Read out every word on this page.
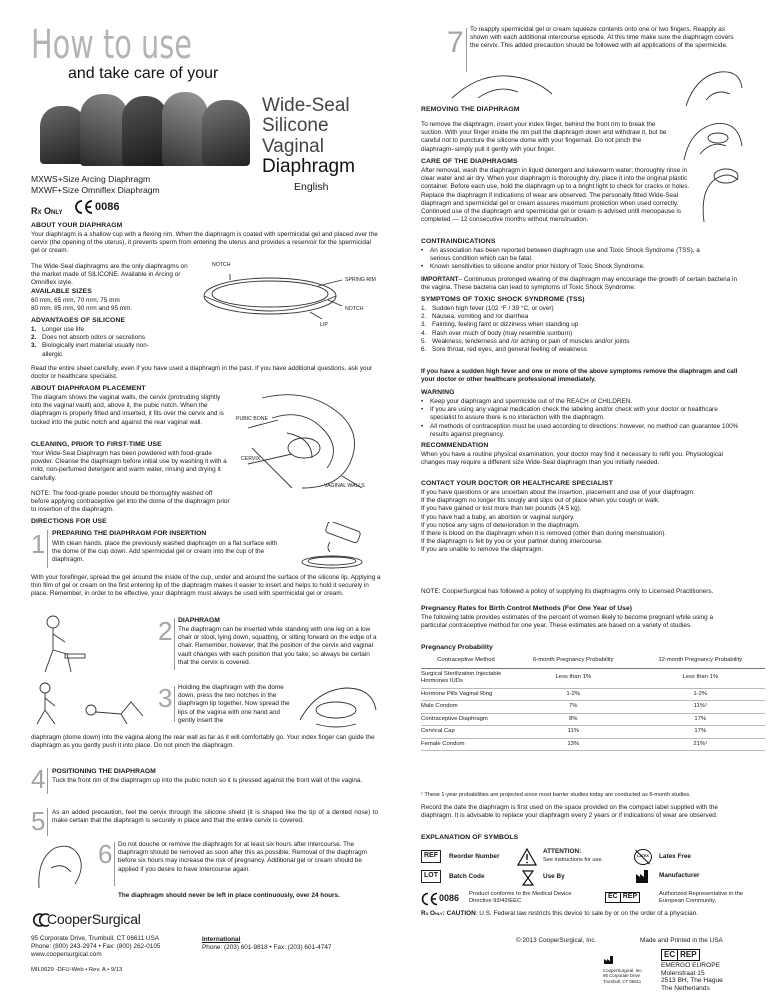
How to use
and take care of your
Wide-Seal
Silicone
Vaginal
Diaphragm
MXWS+Size Arcing Diaphragm
MXWF+Size Omniflex Diaphragm	English
Rx Only	0086
ABOUT YOUR DIAPHRAGM
Your diaphragm is a shallow cup with a flexing rim. When the diaphragm is coated with spermicidal gel and placed over the cervix (the opening of the uterus), it prevents sperm from entering the uterus and provides a reservoir for the spermicidal gel or cream.
The Wide-Seal diaphragms are the only diaphragms on the market made of SILICONE. Available in Arcing or Omniflex style.
NOTCH
SPRING RIM
NOTCH
LIP
AVAILABLE SIZES
60 mm, 65 mm, 70 mm, 75 mm
80 mm, 85 mm, 90 mm and 95 mm.
ADVANTAGES OF SILICONE
1. Longer use life
2. Does not absorb odors or secretions
3. Biologically inert material usually non-allergic
Read the entire sheet carefully, even if you have used a diaphragm in the past. If you have additional questions, ask your doctor or healthcare specialist.
ABOUT DIAPHRAGM PLACEMENT
The diagram shows the vaginal walls, the cervix (protruding slightly into the vaginal vault) and, above it, the pubic notch. When the diaphragm is properly fitted and inserted, it fits over the cervix and is tucked into the pubic notch and against the rear vaginal wall.	PUBIC BONE
CERVIX
VAGINAL WALLS
CLEANING, PRIOR TO FIRST-TIME USE
Your Wide-Seal Diaphragm has been powdered with food-grade powder. Cleanse the diaphragm before initial use by washing it with a mild, non-perfumed detergent and warm water, rinsing and drying it carefully.
NOTE: The food-grade powder should be thoroughly washed off before applying contraceptive gel into the dome of the diaphragm prior to insertion of the diaphragm.
DIRECTIONS FOR USE
1 PREPARING THE DIAPHRAGM FOR INSERTION
With clean hands, place the previously washed diaphragm on a flat surface with the dome of the cup down. Add spermicidal gel or cream into the cup of the diaphragm.
With your forefinger, spread the gel around the inside of the cup, under and around the surface of the silicone lip. Applying a thin film of gel or cream on the first entering lip of the diaphragm makes it easier to insert and helps to hold it securely in place. Remember, in order to be effective, your diaphragm must always be used with spermicidal gel or cream.
2 DIAPHRAGM
The diaphragm can be inserted while standing with one leg on a low chair or stool, lying down, squatting, or sitting forward on the edge of a chair. Remember, however, that the position of the cervix and vaginal vault changes with each position that you take, so always be certain that the cervix is covered.
3 Holding the diaphragm with the dome down, press the two notches in the diaphragm lip together. Now spread the lips of the vagina with one hand and gently insert the
diaphragm (dome down) into the vagina along the rear wall as far as it will comfortably go. Your index finger can guide the diaphragm as you gently push it into place. Do not pinch the diaphragm.
4 POSITIONING THE DIAPHRAGM
Tuck the front rim of the diaphragm up into the pubic notch so it is pressed against the front wall of the vagina.
5 As an added precaution, feel the cervix through the silicone shield (it is shaped like the tip of a dented nose) to make certain that the diaphragm is securely in place and that the entire cervix is covered.
6 Do not douche or remove the diaphragm for at least six hours after intercourse. The diaphragm should be removed as soon after this as possible. Removal of the diaphragm before six hours may increase the risk of pregnancy. Additional gel or cream should be applied if you desire to have intercourse again.
The diaphragm should never be left in place continuously, over 24 hours.
CooperSurgical
95 Corporate Drive, Trumbull, CT 06611 USA
Phone: (800) 243-2974 • Fax: (800) 262-0105
www.coopersurgical.com
MIL0629 -DFU-Web • Rev. A • 9/13
International
Phone: (203) 601-9818 • Fax: (203) 601-4747
7 To reapply spermicidal gel or cream squeeze contents onto one or two fingers. Reapply as shown with each additional intercourse episode. At this time make sure the diaphragm covers the cervix. This added precaution should be followed with all applications of the spermicide.
REMOVING THE DIAPHRAGM
To remove the diaphragm, insert your index finger, behind the front rim to break the suction. With your finger inside the rim pull the diaphragm down and withdraw it, but be careful not to puncture the silicone dome with your fingernail. Do not pinch the diaphragm–simply pull it gently with your finger.
CARE OF THE DIAPHRAGMS
After removal, wash the diaphragm in liquid detergent and lukewarm water; thoroughly rinse in clear water and air dry. When your diaphragm is thoroughly dry, place it into the original plastic container. Before each use, hold the diaphragm up to a bright light to check for cracks or holes. Replace the diaphragm if indications of wear are observed. The personally fitted Wide-Seal diaphragm and spermicidal gel or cream assures maximum protection when used correctly. Continued use of the diaphragm and spermicidal gel or cream is advised until menopause is completed — 12 consecutive months without menstruation.
CONTRAINDICATIONS
• An association has been reported between diaphragm use and Toxic Shock Syndrome (TSS), a serious condition which can be fatal.
• Known sensitivities to silicone and/or prior history of Toxic Shock Syndrome.
IMPORTANT– Continuous prolonged wearing of the diaphragm may encourage the growth of certain bacteria in the vagina. These bacteria can lead to symptoms of Toxic Shock Syndrome.
SYMPTOMS OF TOXIC SHOCK SYNDROME (TSS)
1. Sudden high fever (102 °F / 39 °C, or over)
2. Nausea, vomiting and /or diarrhea
3. Fainting, feeling faint or dizziness when standing up
4. Rash over much of body (may resemble sunburn)
5. Weakness, tenderness and /or aching or pain of muscles and/or joints
6. Sore throat, red eyes, and general feeling of weakness
If you have a sudden high fever and one or more of the above symptoms remove the diaphragm and call your doctor or other healthcare professional immediately.
WARNING
• Keep your diaphragm and spermicide out of the REACH of CHILDREN.
• If you are using any vaginal medication check the labeling and/or check with your doctor or healthcare specialist to assure there is no interaction with the diaphragm.
• All methods of contraception must be used according to directions: however, no method can guarantee 100% results against pregnancy.
RECOMMENDATION
When you have a routine physical examination, your doctor may find it necessary to refit you. Physiological changes may require a different size Wide-Seal diaphragm than you initially needed.
CONTACT YOUR DOCTOR OR HEALTHCARE SPECIALIST
If you have questions or are uncertain about the insertion, placement and use of your diaphragm.
If the diaphragm no longer fits snugly and slips out of place when you cough or walk.
If you have gained or lost more than ten pounds (4.5 kg).
If you have had a baby, an abortion or vaginal surgery.
If you notice any signs of deterioration in the diaphragm.
If there is blood on the diaphragm when it is removed (other than during menstruation).
If the diaphragm is felt by you or your partner during intercourse.
If you are unable to remove the diaphragm.
NOTE: CooperSurgical has followed a policy of supplying its diaphragms only to Licensed Practitioners.
Pregnancy Rates for Birth Control Methods (For One Year of Use)
The following table provides estimates of the percent of women likely to become pregnant while using a particular contraceptive method for one year. These estimates are based on a variety of studies.
Pregnancy Probability
Contraceptive Method	6-month Pregnancy Probability	12-month Pregnancy Probability
Surgical Sterilization Injectable Hormones IUDs	Less than 1%	Less than 1%
Hormone Pills Vaginal Ring	1-2%	1-2%
Male Condom	7%	11%¹
Contraceptive Diaphragm	8%	17%
Cervical Cap	11%	17%
Female Condom	13%	21%¹
¹ These 1-year probabilities are projected since most barrier studies today are conducted as 6-month studies.
Record the date the diaphragm is first used on the space provided on the compact label supplied with the diaphragm. It is advisable to replace your diaphragm every 2 years or if indications of wear are observed.
EXPLANATION OF SYMBOLS
REF	Reorder Number
ATTENTION:
See instructions for use.
LATEX	Latex Free
LOT	Batch Code	Use By	Manufacturer
0086 Product conforms to the Medical Device Directive 93/42/EEC
EC REP	Authorized Representative in the European Community.
Rx Only: CAUTION: U.S. Federal law restricts this device to sale by or on the order of a physician.
© 2013 CooperSurgical, Inc.	Made and Printed in the USA
CooperSurgical, Inc.
95 Corporate Drive
Trumbull, CT 06611
EC REP
EMERGO EUROPE
Molenstraat 15
2513 BH, The Hague
The Netherlands
